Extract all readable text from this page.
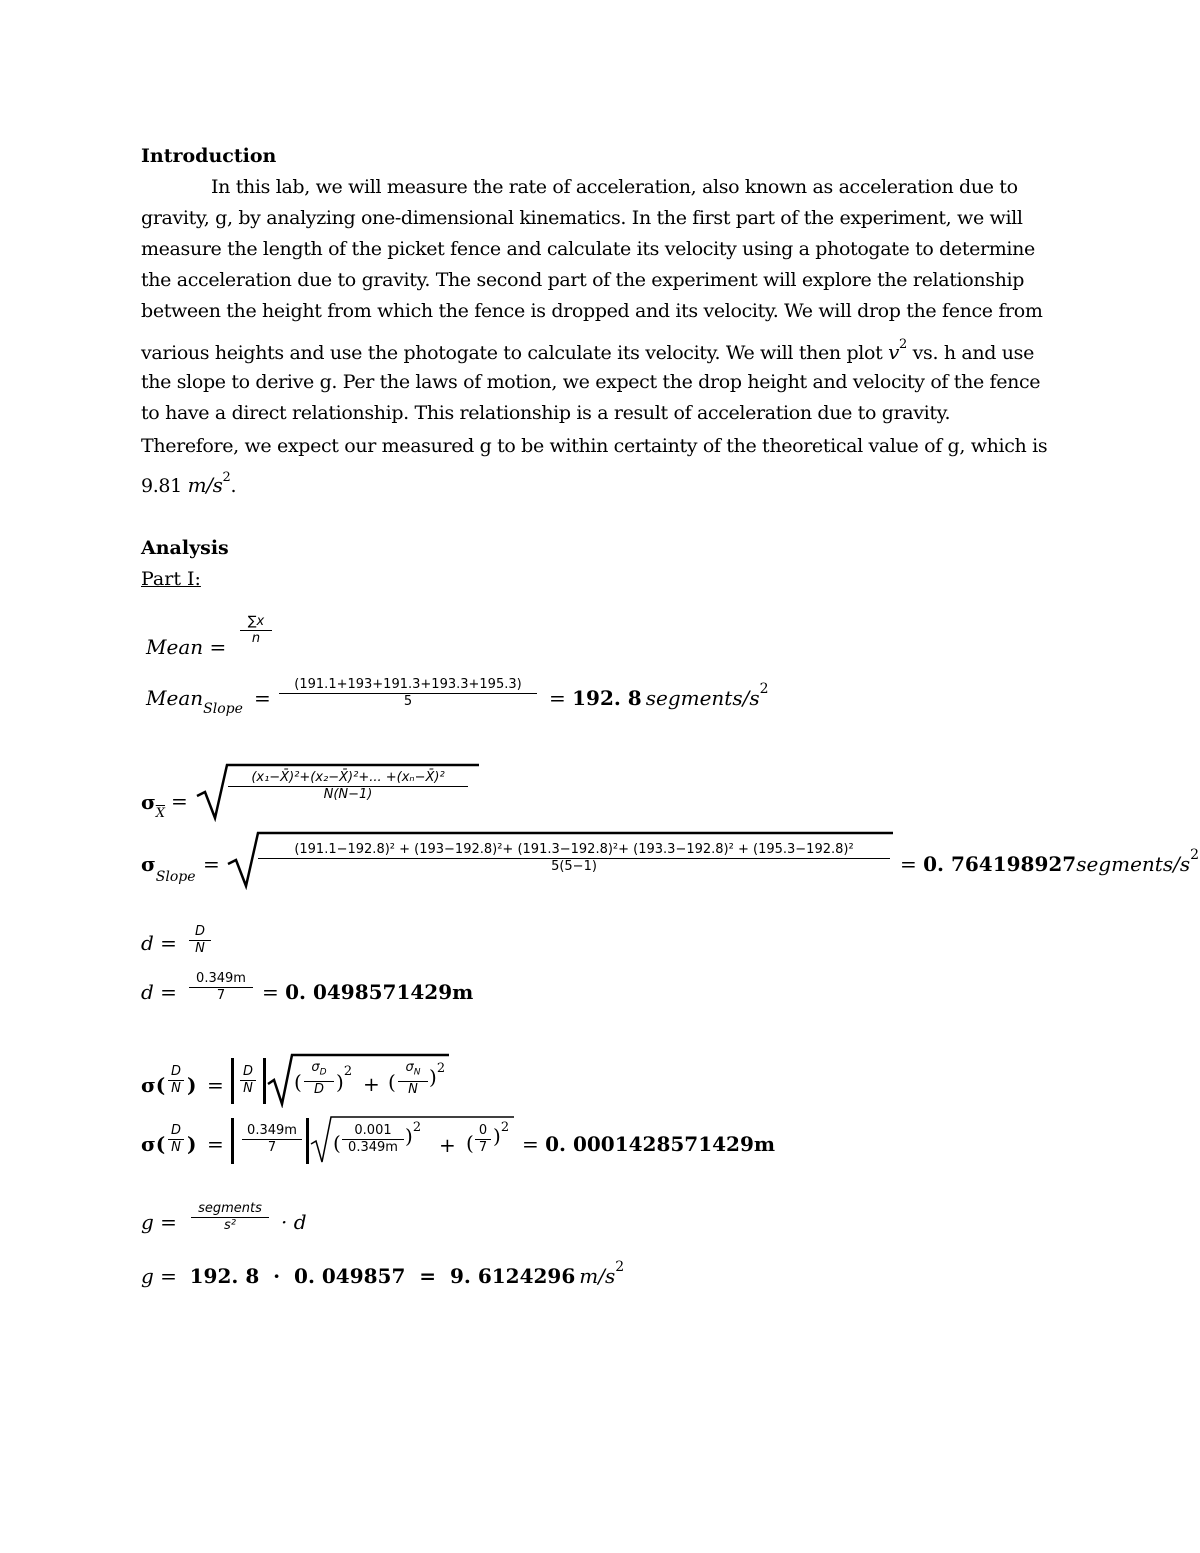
Introduction
In this lab, we will measure the rate of acceleration, also known as acceleration due to
gravity, g, by analyzing one-dimensional kinematics. In the first part of the experiment, we will
measure the length of the picket fence and calculate its velocity using a photogate to determine
the acceleration due to gravity. The second part of the experiment will explore the relationship
between the height from which the fence is dropped and its velocity. We will drop the fence from
various heights and use the photogate to calculate its velocity. We will then plot $v^2$ vs. h and use
the slope to derive g. Per the laws of motion, we expect the drop height and velocity of the fence
to have a direct relationship. This relationship is a result of acceleration due to gravity.
Therefore, we expect our measured g to be within certainty of the theoretical value of g, which is
9.81 $m/s^2$.
Analysis
Part I:
Mean = $\frac{\sum x}{n}$
MeanSlope = $\frac{(191.1+193+191.3+193.3+195.3)}{5} = 192$. 8 segments/$s^2$
$\sigma_{\overline{X}}$
=	$\frac{\text{(x₁−X̄)²+(x₂−X̄)²+... +(xₙ−X̄)²}}{N(N-1)}$
σSlope
=
(191.1−192.8)² + (193−192.8)²+ (191.3−192.8)²+ (193.3−192.8)² + (195.3−192.8)²
5(5−1)	= 0. $764198927segments/s^2$
$d = \frac{D}{N}$
$d = \frac{0.349m}{7} = 0$. 0498571429m
$\sigma( \frac{D}{N}$ ) = $\frac{D}{N}$ ( $\frac{\sigma_D}{D} )^2$
+ ( $\frac{\sigma_N}{N} )^2$
$\sigma( \frac{D}{N}$ ) = $\frac{0.349m}{7}$ ( $\frac{0.001}{0.349m} )^2$
+ ( $\frac{0}{7} )^2$
= 0. 0001428571429m
g =
segments
s²	· d
g =  192. 8  ·  0. 049857  =  9. 6124296 $m/s^2$
